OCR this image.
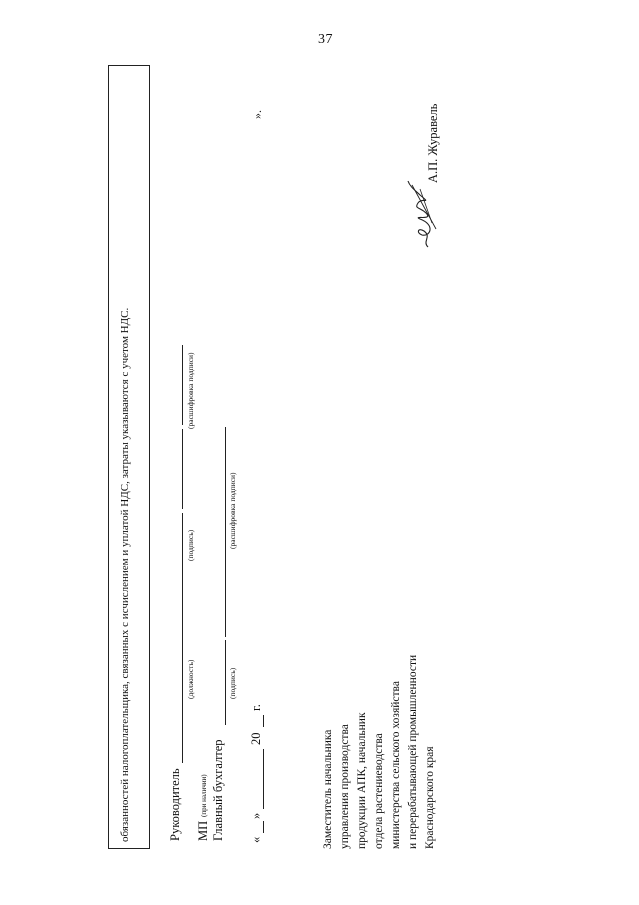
37
обязанностей налогоплательщика, связанных с исчислением и уплатой НДС, затраты указываются с учетом НДС.	Руководитель
(должность)
(подпись)
(расшифровка подписи)
МП
(при наличии) Главный бухгалтер
(подпись)
(расшифровка подписи)
«
»
20
г.
».
Заместитель начальника управления производства продукции АПК, начальник отдела растениеводства министерства сельского хозяйства и перерабатывающей промышленности Краснодарского края
А.П. Журавель
